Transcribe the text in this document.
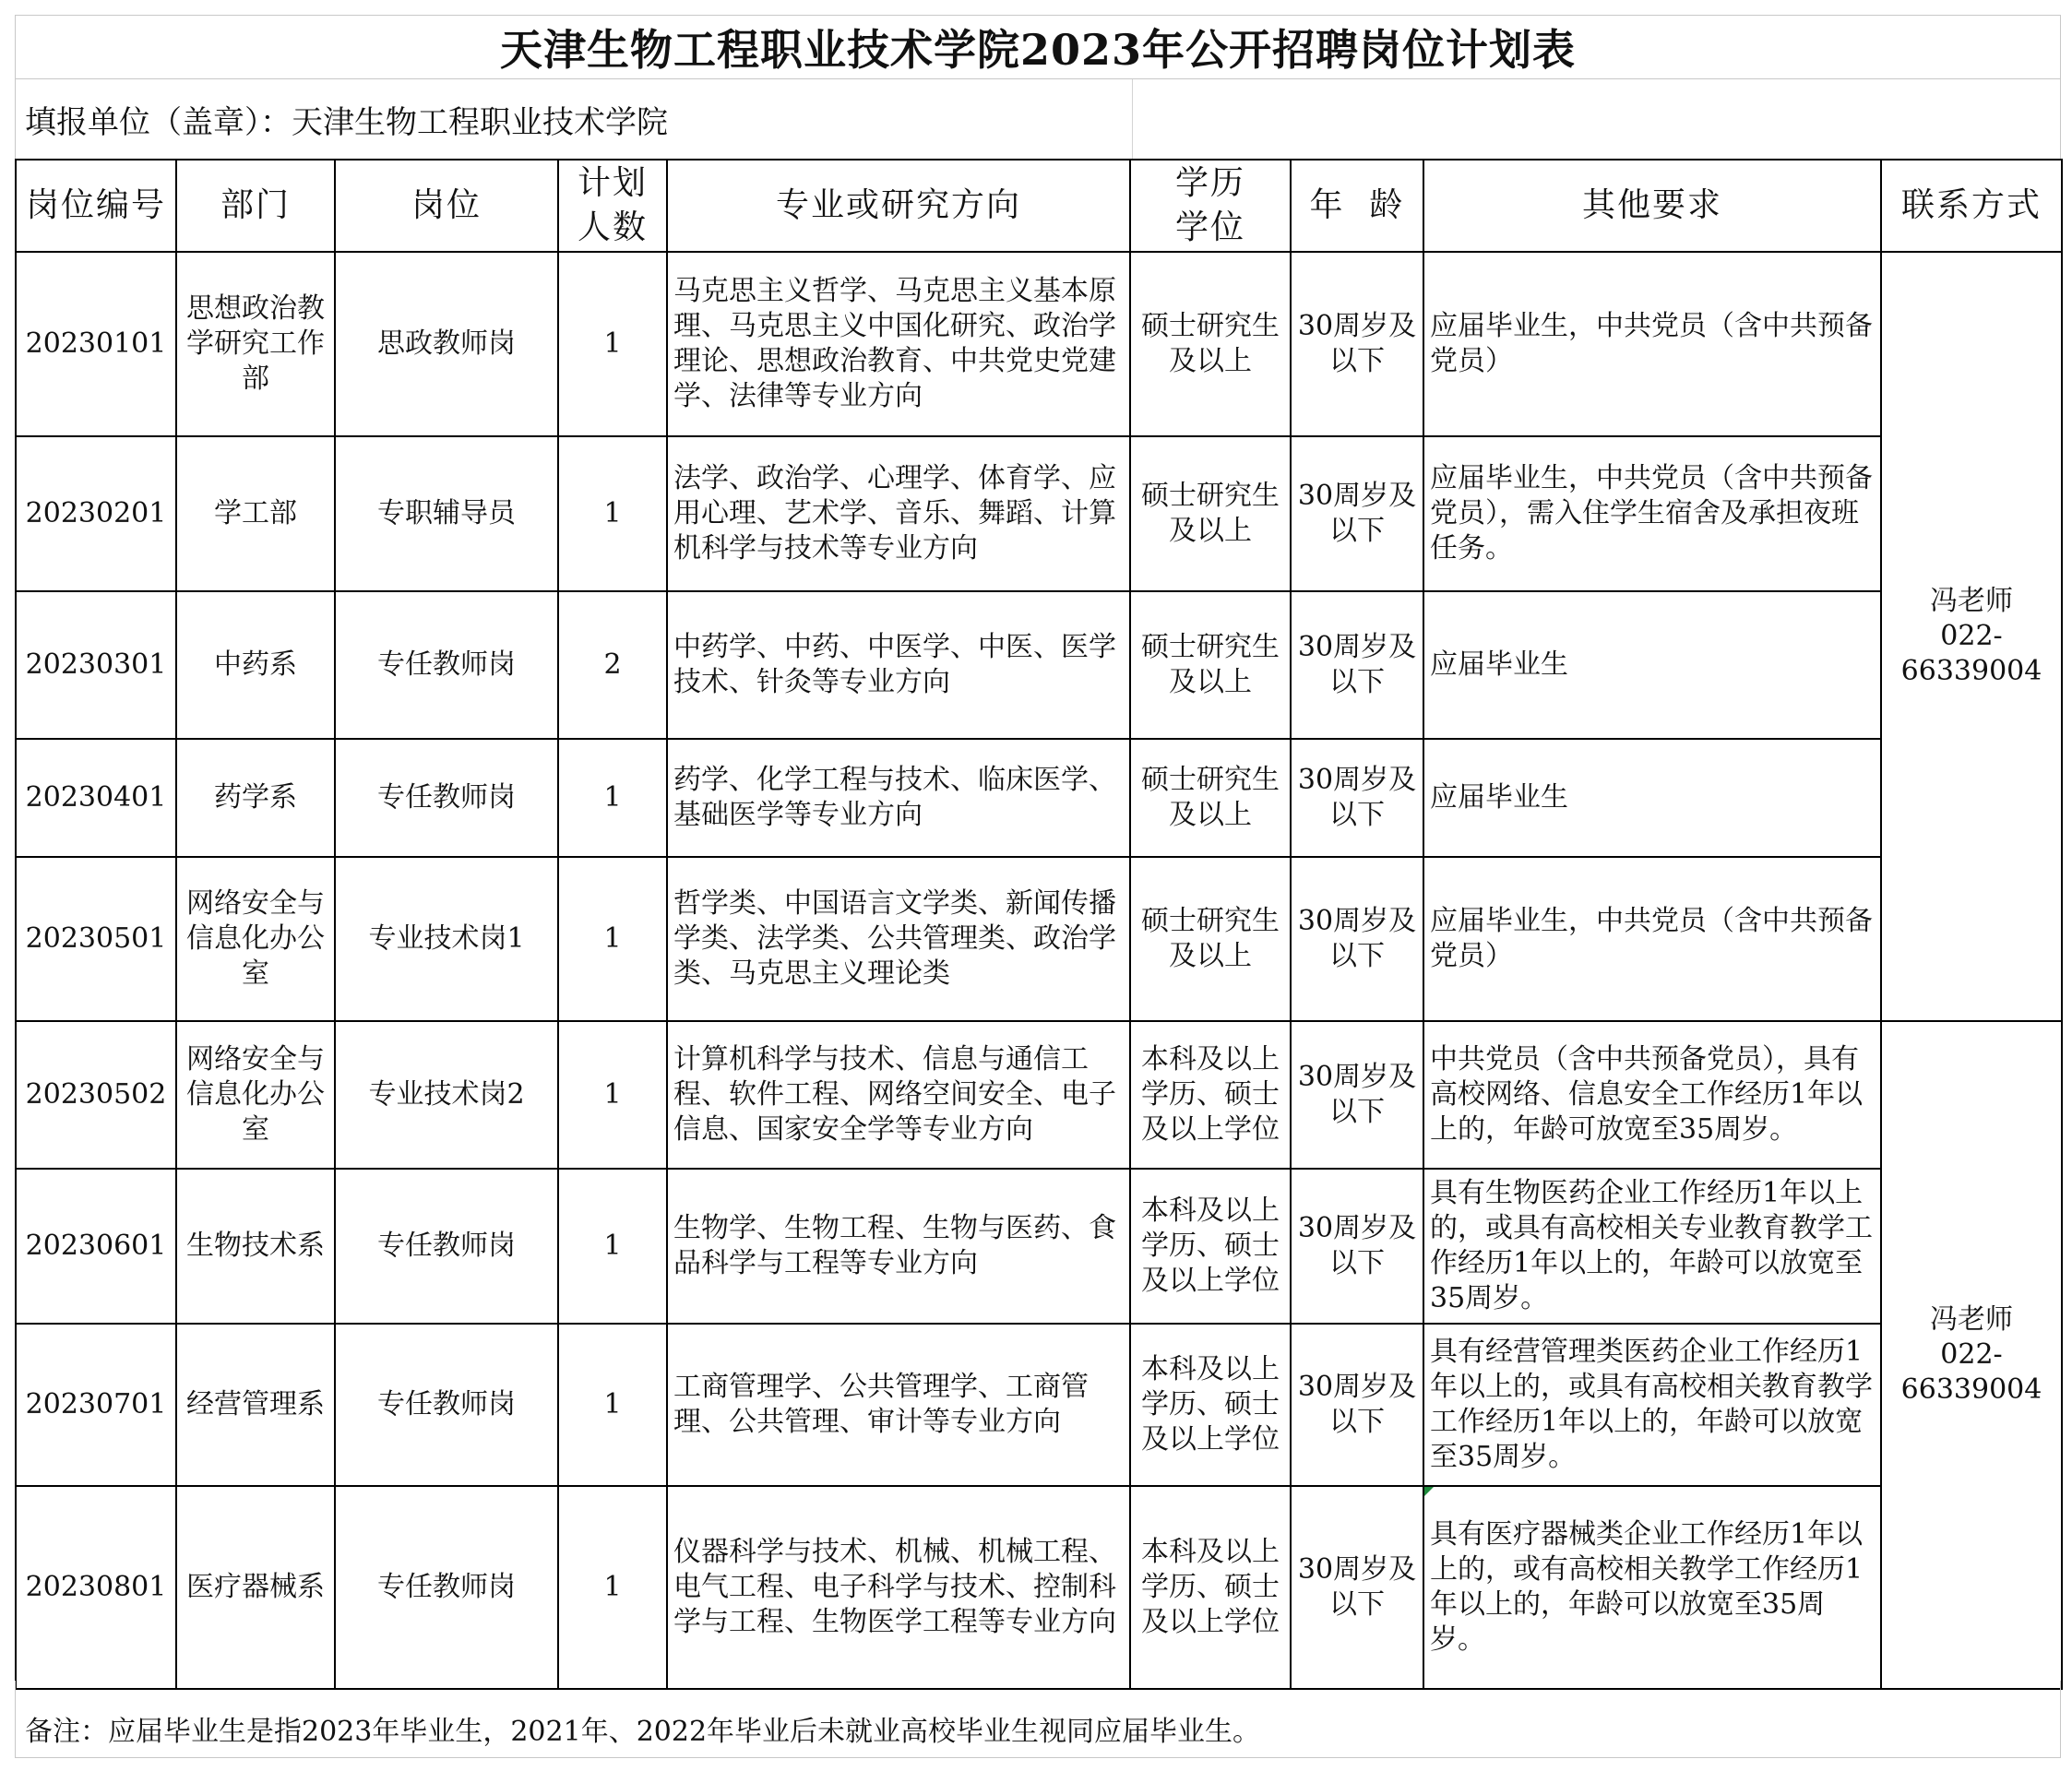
天津生物工程职业技术学院2023年公开招聘岗位计划表
填报单位（盖章）：天津生物工程职业技术学院
岗位编号	部门	岗位	计划人数	专业或研究方向	学历学位	年  龄	其他要求	联系方式
20230101	思想政治教学研究工作部	思政教师岗	1	马克思主义哲学、马克思主义基本原理、马克思主义中国化研究、政治学理论、思想政治教育、中共党史党建学、法律等专业方向	硕士研究生及以上	30周岁及以下	应届毕业生，中共党员（含中共预备党员）	冯老师
022-
66339004

20230201	学工部	专职辅导员	1	法学、政治学、心理学、体育学、应用心理、艺术学、音乐、舞蹈、计算机科学与技术等专业方向	硕士研究生及以上	30周岁及以下	应届毕业生，中共党员（含中共预备党员），需入住学生宿舍及承担夜班任务。	
20230301	中药系	专任教师岗	2	中药学、中药、中医学、中医、医学技术、针灸等专业方向	硕士研究生及以上	30周岁及以下	应届毕业生	
20230401	药学系	专任教师岗	1	药学、化学工程与技术、临床医学、基础医学等专业方向	硕士研究生及以上	30周岁及以下	应届毕业生	
20230501	网络安全与信息化办公室	专业技术岗1	1	哲学类、中国语言文学类、新闻传播学类、法学类、公共管理类、政治学类、马克思主义理论类	硕士研究生及以上	30周岁及以下	应届毕业生，中共党员（含中共预备党员）	
20230502	网络安全与信息化办公室	专业技术岗2	1	计算机科学与技术、信息与通信工程、软件工程、网络空间安全、电子信息、国家安全学等专业方向	本科及以上学历、硕士及以上学位	30周岁及以下	中共党员（含中共预备党员），具有高校网络、信息安全工作经历1年以上的，年龄可放宽至35周岁。	冯老师
022-
66339004

20230601	生物技术系	专任教师岗	1	生物学、生物工程、生物与医药、食品科学与工程等专业方向	本科及以上学历、硕士及以上学位	30周岁及以下	具有生物医药企业工作经历1年以上的，或具有高校相关专业教育教学工作经历1年以上的，年龄可以放宽至35周岁。	
20230701	经营管理系	专任教师岗	1	工商管理学、公共管理学、工商管理、公共管理、审计等专业方向	本科及以上学历、硕士及以上学位	30周岁及以下	具有经营管理类医药企业工作经历1年以上的，或具有高校相关教育教学工作经历1年以上的，年龄可以放宽至35周岁。	
20230801	医疗器械系	专任教师岗	1	仪器科学与技术、机械、机械工程、电气工程、电子科学与技术、控制科学与工程、生物医学工程等专业方向	本科及以上学历、硕士及以上学位	30周岁及以下	具有医疗器械类企业工作经历1年以上的，或有高校相关教学工作经历1年以上的，年龄可以放宽至35周岁。	
备注：应届毕业生是指2023年毕业生，2021年、2022年毕业后未就业高校毕业生视同应届毕业生。
